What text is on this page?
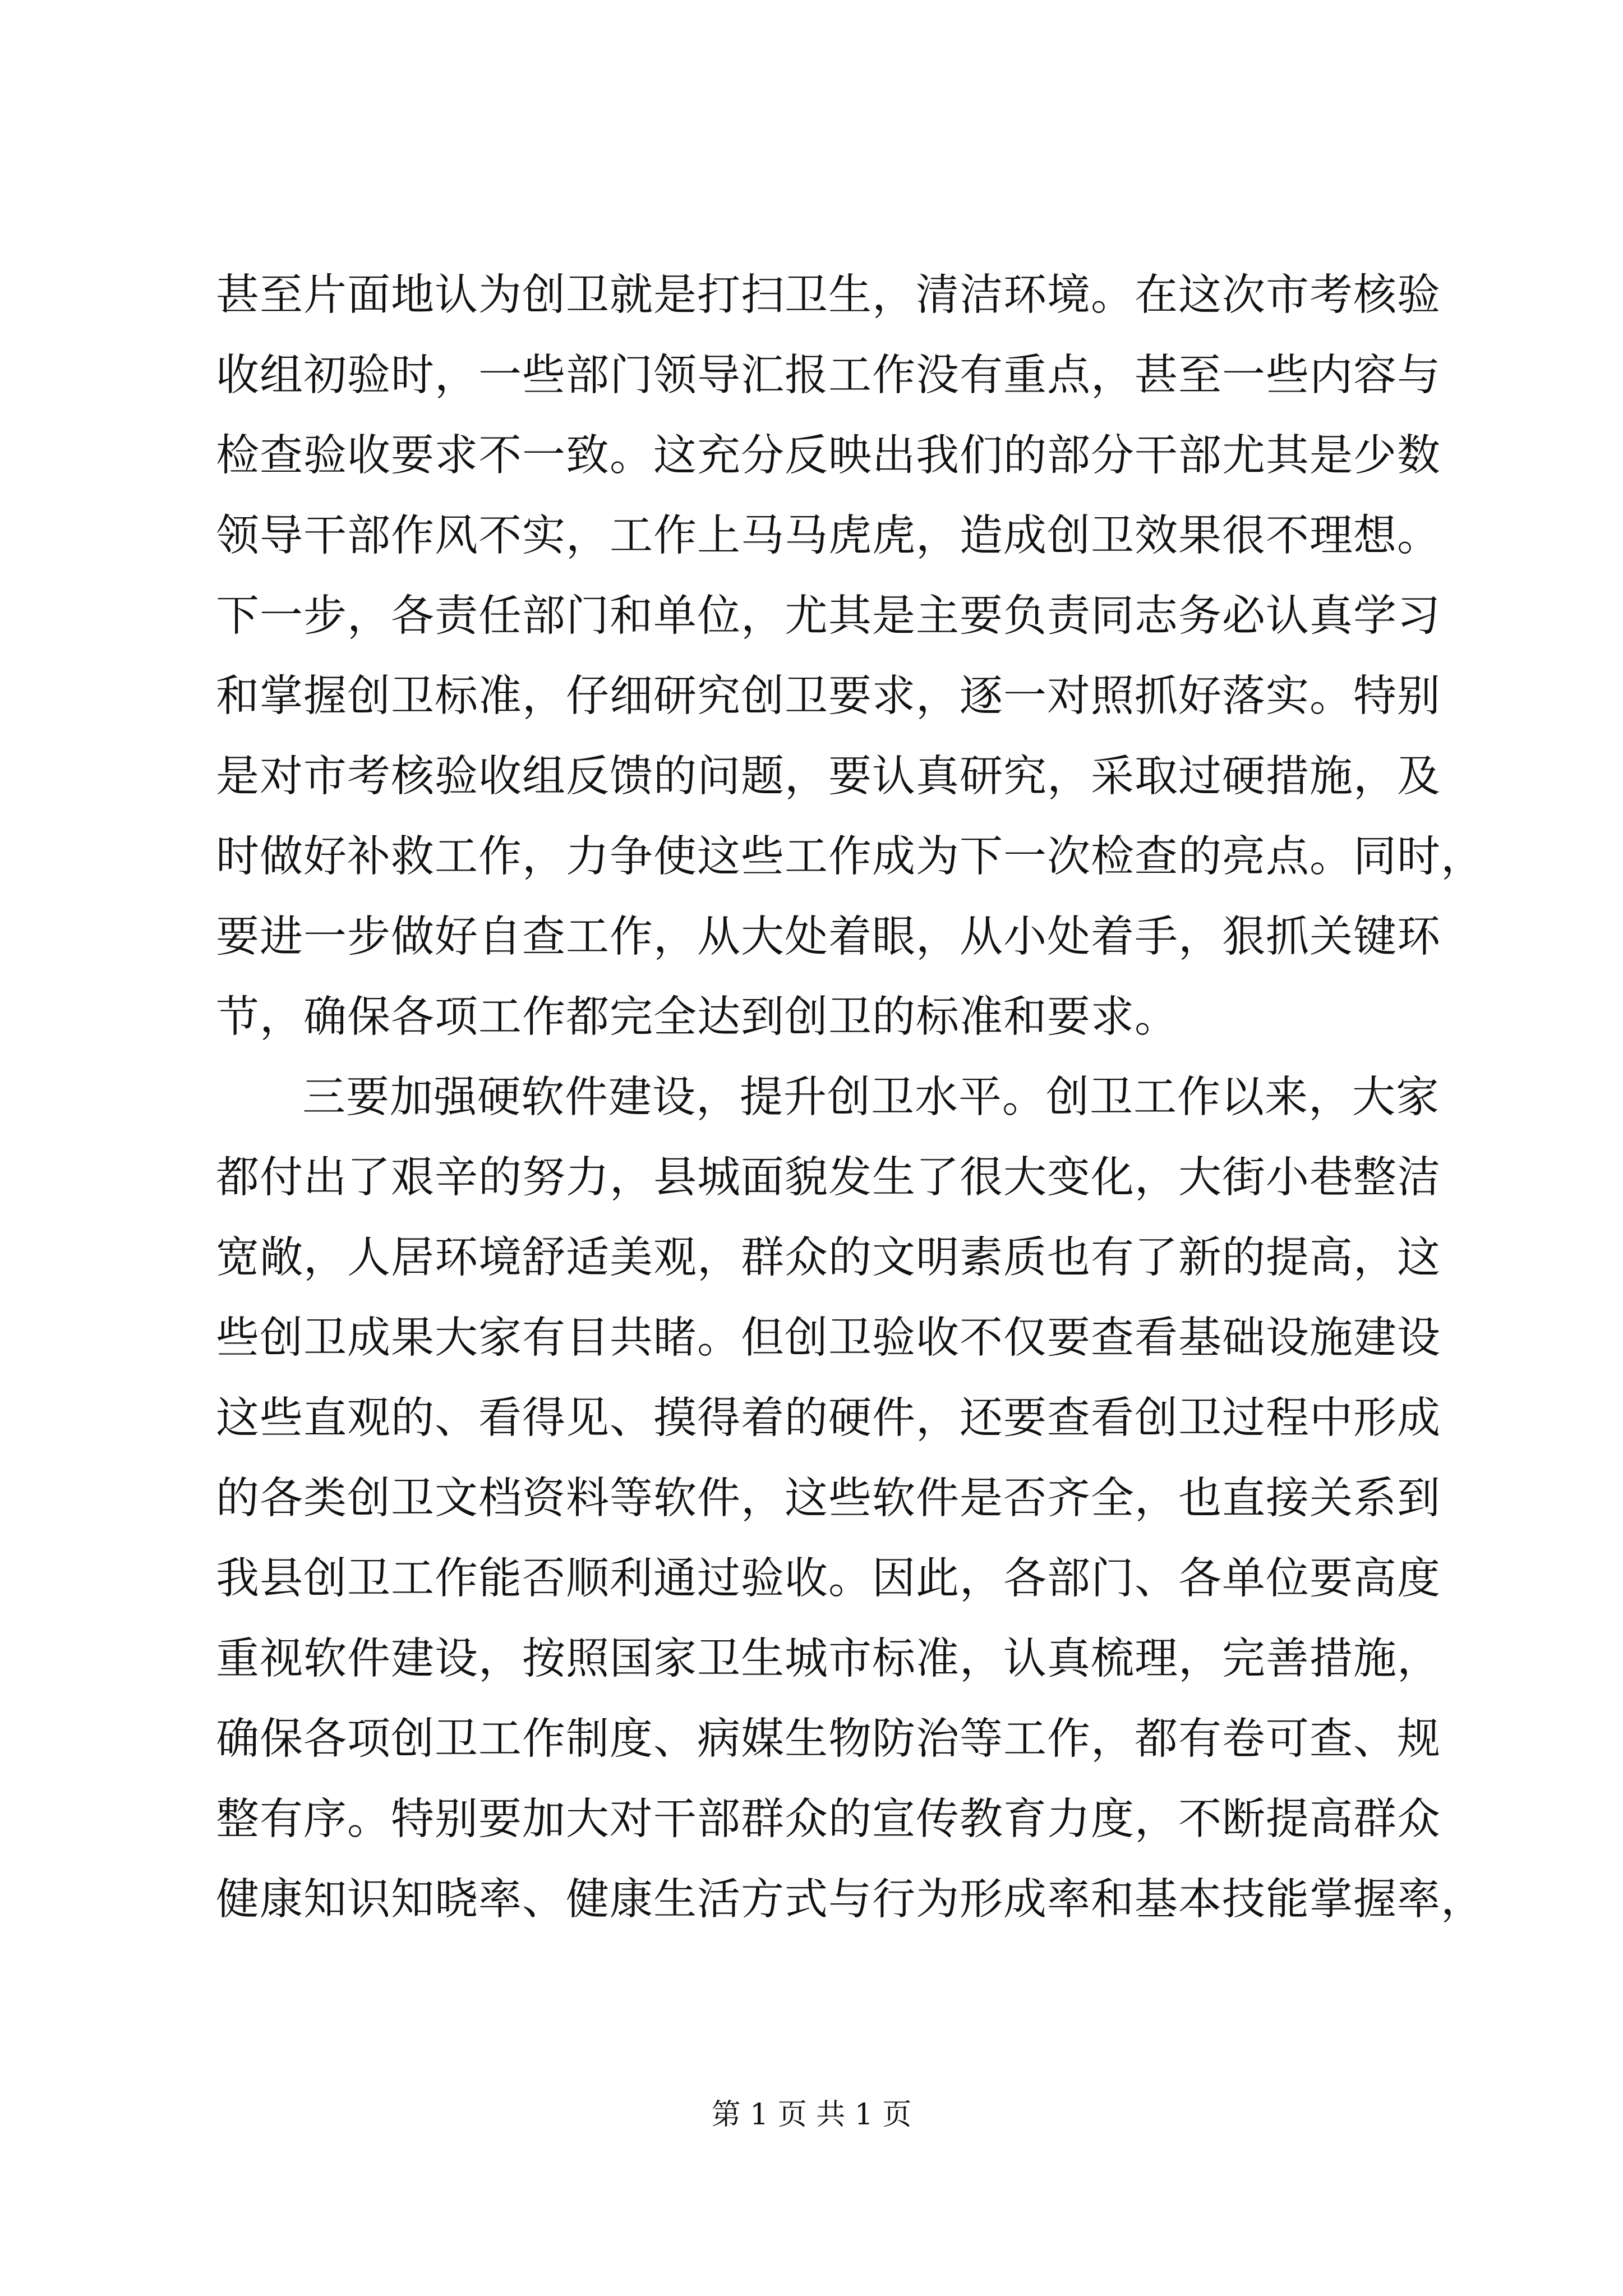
甚至片面地认为创卫就是打扫卫生，清洁环境。在这次市考核验
收组初验时，一些部门领导汇报工作没有重点，甚至一些内容与
检查验收要求不一致。这充分反映出我们的部分干部尤其是少数
领导干部作风不实，工作上马马虎虎，造成创卫效果很不理想。
下一步，各责任部门和单位，尤其是主要负责同志务必认真学习
和掌握创卫标准，仔细研究创卫要求，逐一对照抓好落实。特别
是对市考核验收组反馈的问题，要认真研究，采取过硬措施，及
时做好补救工作，力争使这些工作成为下一次检查的亮点。同时，
要进一步做好自查工作，从大处着眼，从小处着手，狠抓关键环
节，确保各项工作都完全达到创卫的标准和要求。
三要加强硬软件建设，提升创卫水平。创卫工作以来，大家
都付出了艰辛的努力，县城面貌发生了很大变化，大街小巷整洁
宽敞，人居环境舒适美观，群众的文明素质也有了新的提高，这
些创卫成果大家有目共睹。但创卫验收不仅要查看基础设施建设
这些直观的、看得见、摸得着的硬件，还要查看创卫过程中形成
的各类创卫文档资料等软件，这些软件是否齐全，也直接关系到
我县创卫工作能否顺利通过验收。因此，各部门、各单位要高度
重视软件建设，按照国家卫生城市标准，认真梳理，完善措施，
确保各项创卫工作制度、病媒生物防治等工作，都有卷可查、规
整有序。特别要加大对干部群众的宣传教育力度，不断提高群众
健康知识知晓率、健康生活方式与行为形成率和基本技能掌握率，
第 1 页 共 1 页
